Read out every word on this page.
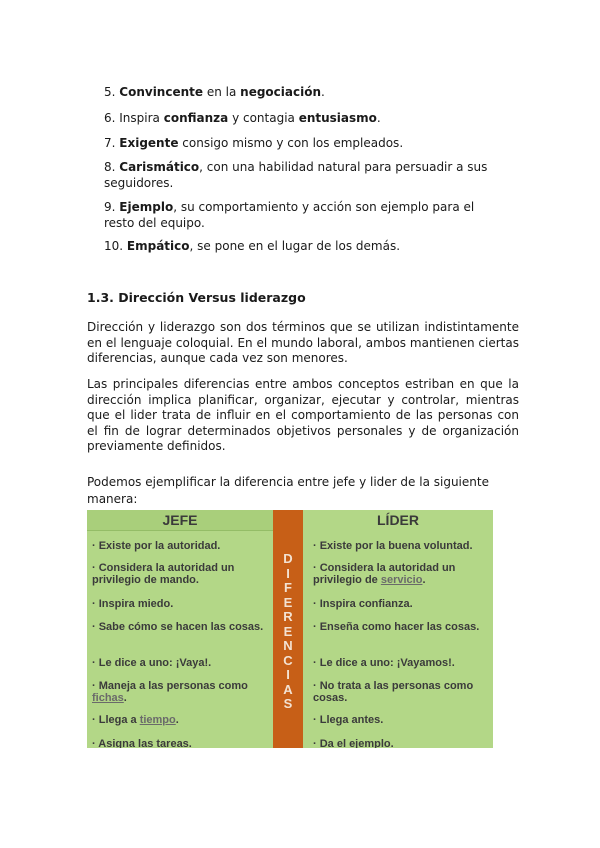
5. Convincente en la negociación.
6. Inspira confianza y contagia entusiasmo.
7. Exigente consigo mismo y con los empleados.
8. Carismático, con una habilidad natural para persuadir a sus seguidores.
9. Ejemplo, su comportamiento y acción son ejemplo para el resto del equipo.
10. Empático, se pone en el lugar de los demás.
1.3. Dirección Versus liderazgo
Dirección y liderazgo son dos términos que se utilizan indistintamente en el lenguaje coloquial. En el mundo laboral, ambos mantienen ciertas diferencias, aunque cada vez son menores.
Las principales diferencias entre ambos conceptos estriban en que la dirección implica planificar, organizar, ejecutar y controlar, mientras que el lider trata de influir en el comportamiento de las personas con el fin de lograr determinados objetivos personales y de organización previamente definidos.
Podemos ejemplificar la diferencia entre jefe y lider de la siguiente manera:
JEFE
· Existe por la autoridad.
· Considera la autoridad un privilegio de mando.
· Inspira miedo.
· Sabe cómo se hacen las cosas.
· Le dice a uno: ¡Vaya!.
· Maneja a las personas como fichas.
· Llega a tiempo.
· Asigna las tareas.
D
I
F
E
R
E
N
C
I
A
S
LÍDER
· Existe por la buena voluntad.
· Considera la autoridad un privilegio de servicio.
· Inspira confianza.
· Enseña como hacer las cosas.
· Le dice a uno: ¡Vayamos!.
· No trata a las personas como cosas.
· Llega antes.
· Da el ejemplo.
